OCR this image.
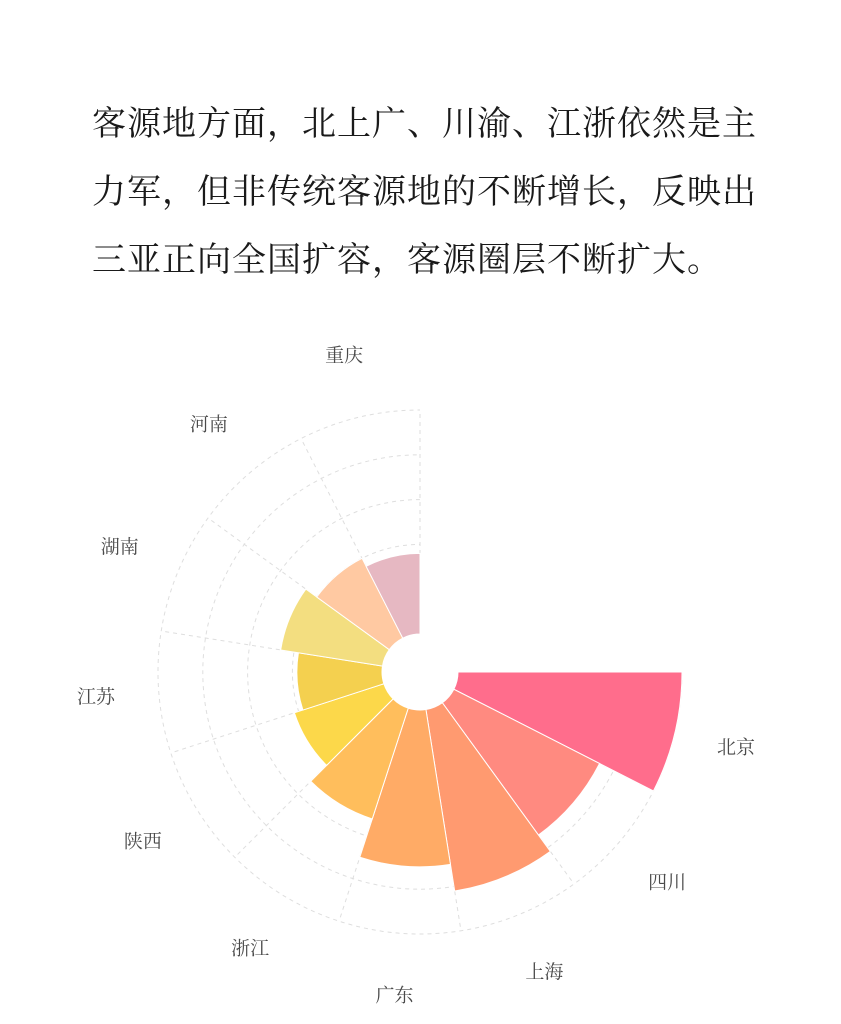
客源地方面，北上广、川渝、江浙依然是主力军，但非传统客源地的不断增长，反映出三亚正向全国扩容，客源圈层不断扩大。

北京
四川
上海
广东
浙江
陕西
江苏
湖南
河南
重庆
